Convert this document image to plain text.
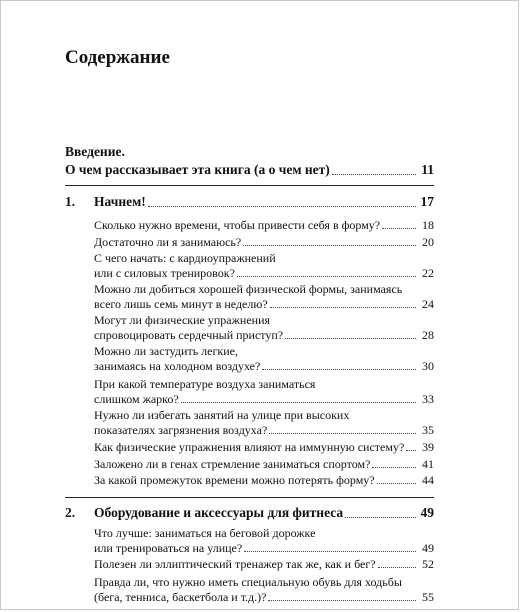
Содержание
Введение.
О чем рассказывает эта книга (а о чем нет)	11
1. Начнем!	17
Сколько нужно времени, чтобы привести себя в форму?	18
Достаточно ли я занимаюсь?	20
С чего начать: с кардиоупражнений
или с силовых тренировок?	22
Можно ли добиться хорошей физической формы, занимаясь
всего лишь семь минут в неделю?	24
Могут ли физические упражнения
спровоцировать сердечный приступ?	28
Можно ли застудить легкие,
занимаясь на холодном воздухе?	30
При какой температуре воздуха заниматься
слишком жарко?	33
Нужно ли избегать занятий на улице при высоких
показателях загрязнения воздуха?	35
Как физические упражнения влияют на иммунную систему?	39
Заложено ли в генах стремление заниматься спортом?	41
За какой промежуток времени можно потерять форму?	44
2. Оборудование и аксессуары для фитнеса	49
Что лучше: заниматься на беговой дорожке
или тренироваться на улице?	49
Полезен ли эллиптический тренажер так же, как и бег?	52
Правда ли, что нужно иметь специальную обувь для ходьбы
(бега, тенниса, баскетбола и т.д.)?	55
